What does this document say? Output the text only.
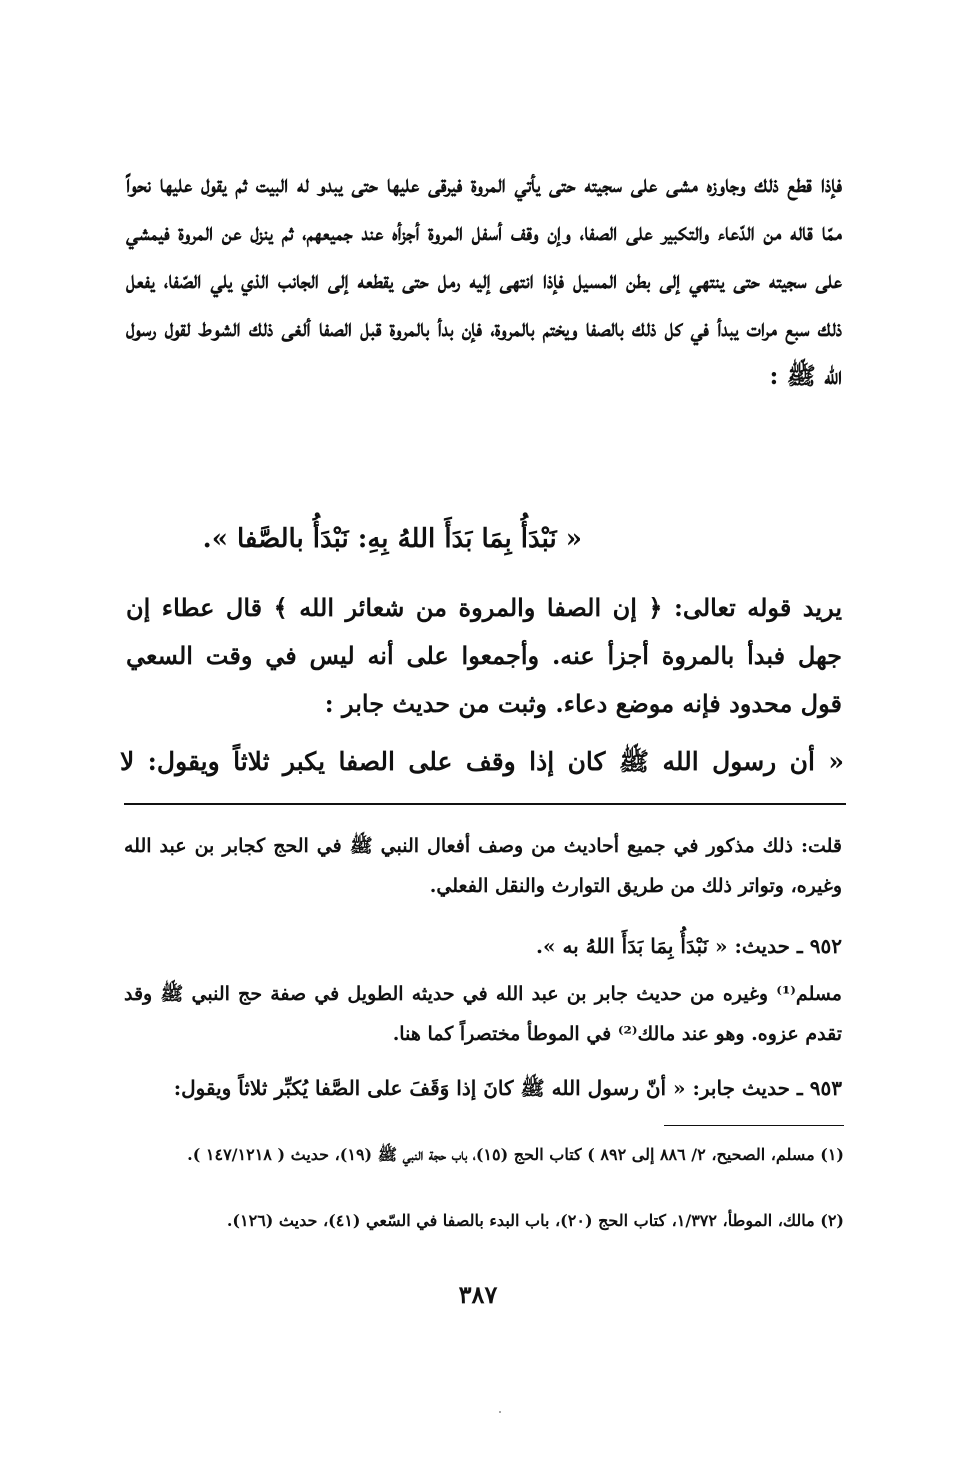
فإذا قطع ذلك وجاوزه مشى على سجيته حتى يأتي المروة فيرقى عليها حتى يبدو له البيت ثم يقول عليها نحواً ممّا قاله من الدّعاء والتكبير على الصفا، وإن وقف أسفل المروة أجزأه عند جميعهم، ثم ينزل عن المروة فيمشي على سجيته حتى ينتهي إلى بطن المسيل فإذا انتهى إليه رمل حتى يقطعه إلى الجانب الذي يلي الصّفا، يفعل ذلك سبع مرات يبدأ في كل ذلك بالصفا ويختم بالمروة، فإن بدأ بالمروة قبل الصفا ألغى ذلك الشوط لقول رسول الله ﷺ :

« نَبْدَأُ بِمَا بَدَأَ اللهُ بِهِ: نَبْدَأُ بالصَّفا ».

يريد قوله تعالى: ﴿ إن الصفا والمروة من شعائر الله ﴾ قال عطاء إن جهل فبدأ بالمروة أجزأ عنه. وأجمعوا على أنه ليس في وقت السعي قول محدود فإنه موضع دعاء. وثبت من حديث جابر :

« أن رسول الله ﷺ كان إذا وقف على الصفا يكبر ثلاثاً ويقول: لا

قلت: ذلك مذكور في جميع أحاديث من وصف أفعال النبي ﷺ في الحج كجابر بن عبد الله وغيره، وتواتر ذلك من طريق التوارث والنقل الفعلي.

٩٥٢ ـ حديث: « نَبْدَأُ بِمَا بَدَأَ اللهُ به ».

مسلم⁽¹⁾ وغيره من حديث جابر بن عبد الله في حديثه الطويل في صفة حج النبي ﷺ وقد تقدم عزوه. وهو عند مالك⁽²⁾ في الموطأ مختصراً كما هنا.

٩٥٣ ـ حديث جابر: « أنّ رسول الله ﷺ كانَ إذا وَقَفَ على الصَّفا يُكبِّر ثلاثاً ويقول:

(١) مسلم، الصحيح، ٢/ ٨٨٦ إلى ٨٩٢ ) كتاب الحج (١٥)، باب حجة النبي ﷺ (١٩)، حديث ( ١٤٧/١٢١٨ ).

(٢) مالك، الموطأ، ١/٣٧٢، كتاب الحج (٢٠)، باب البدء بالصفا في السّعي (٤١)، حديث (١٢٦).

٣٨٧
